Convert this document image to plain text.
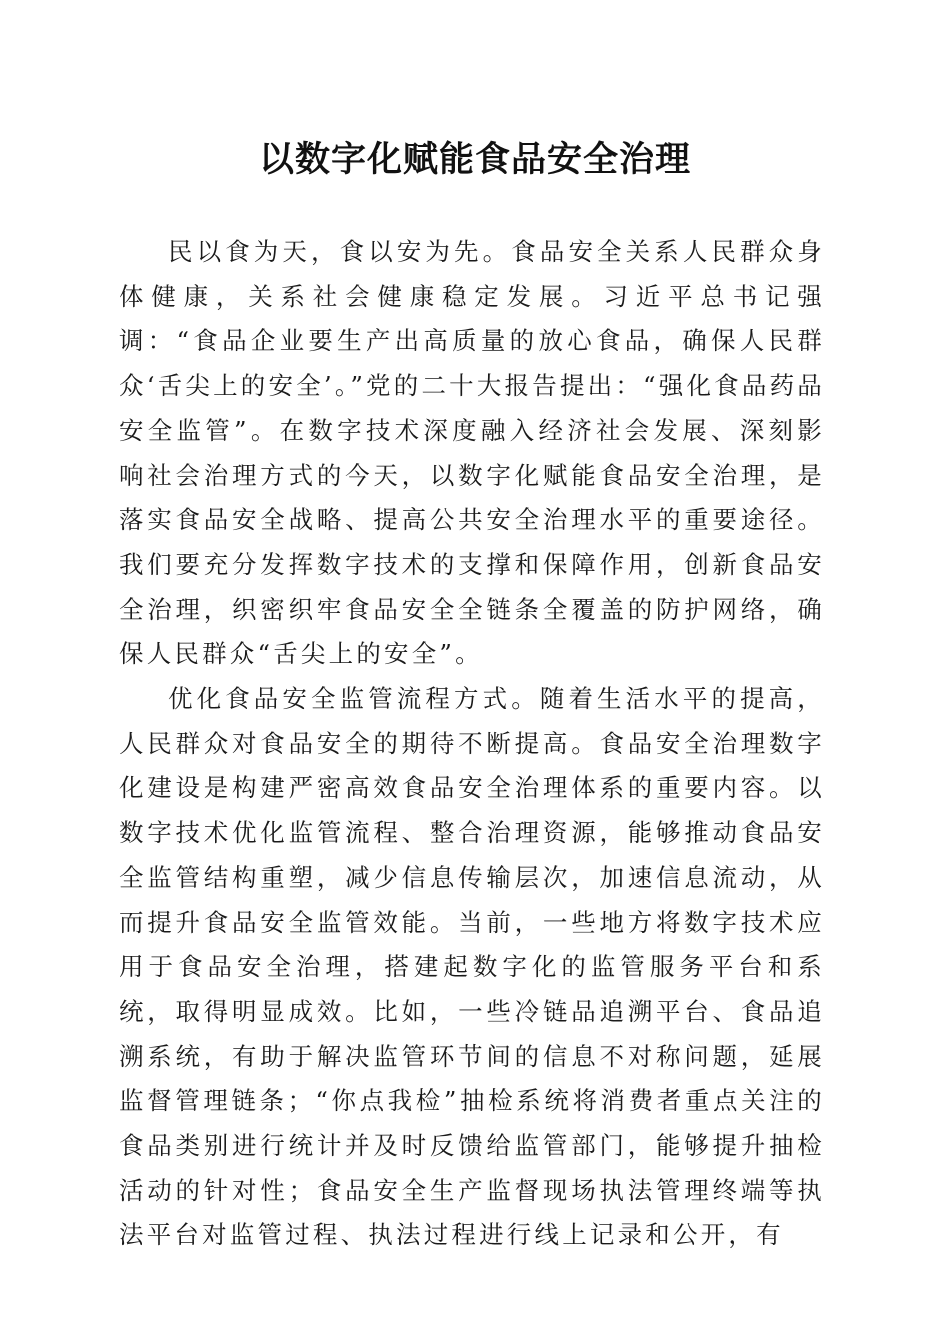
以数字化赋能食品安全治理

民以食为天，食以安为先。食品安全关系人民群众身体健康，关系社会健康稳定发展。习近平总书记强调：“食品企业要生产出高质量的放心食品，确保人民群众‘舌尖上的安全’。”党的二十大报告提出：“强化食品药品安全监管”。在数字技术深度融入经济社会发展、深刻影响社会治理方式的今天，以数字化赋能食品安全治理，是落实食品安全战略、提高公共安全治理水平的重要途径。我们要充分发挥数字技术的支撑和保障作用，创新食品安全治理，织密织牢食品安全全链条全覆盖的防护网络，确保人民群众“舌尖上的安全”。

优化食品安全监管流程方式。随着生活水平的提高，人民群众对食品安全的期待不断提高。食品安全治理数字化建设是构建严密高效食品安全治理体系的重要内容。以数字技术优化监管流程、整合治理资源，能够推动食品安全监管结构重塑，减少信息传输层次，加速信息流动，从而提升食品安全监管效能。当前，一些地方将数字技术应用于食品安全治理，搭建起数字化的监管服务平台和系统，取得明显成效。比如，一些冷链品追溯平台、食品追溯系统，有助于解决监管环节间的信息不对称问题，延展监督管理链条；“你点我检”抽检系统将消费者重点关注的食品类别进行统计并及时反馈给监管部门，能够提升抽检活动的针对性；食品安全生产监督现场执法管理终端等执法平台对监管过程、执法过程进行线上记录和公开，有
